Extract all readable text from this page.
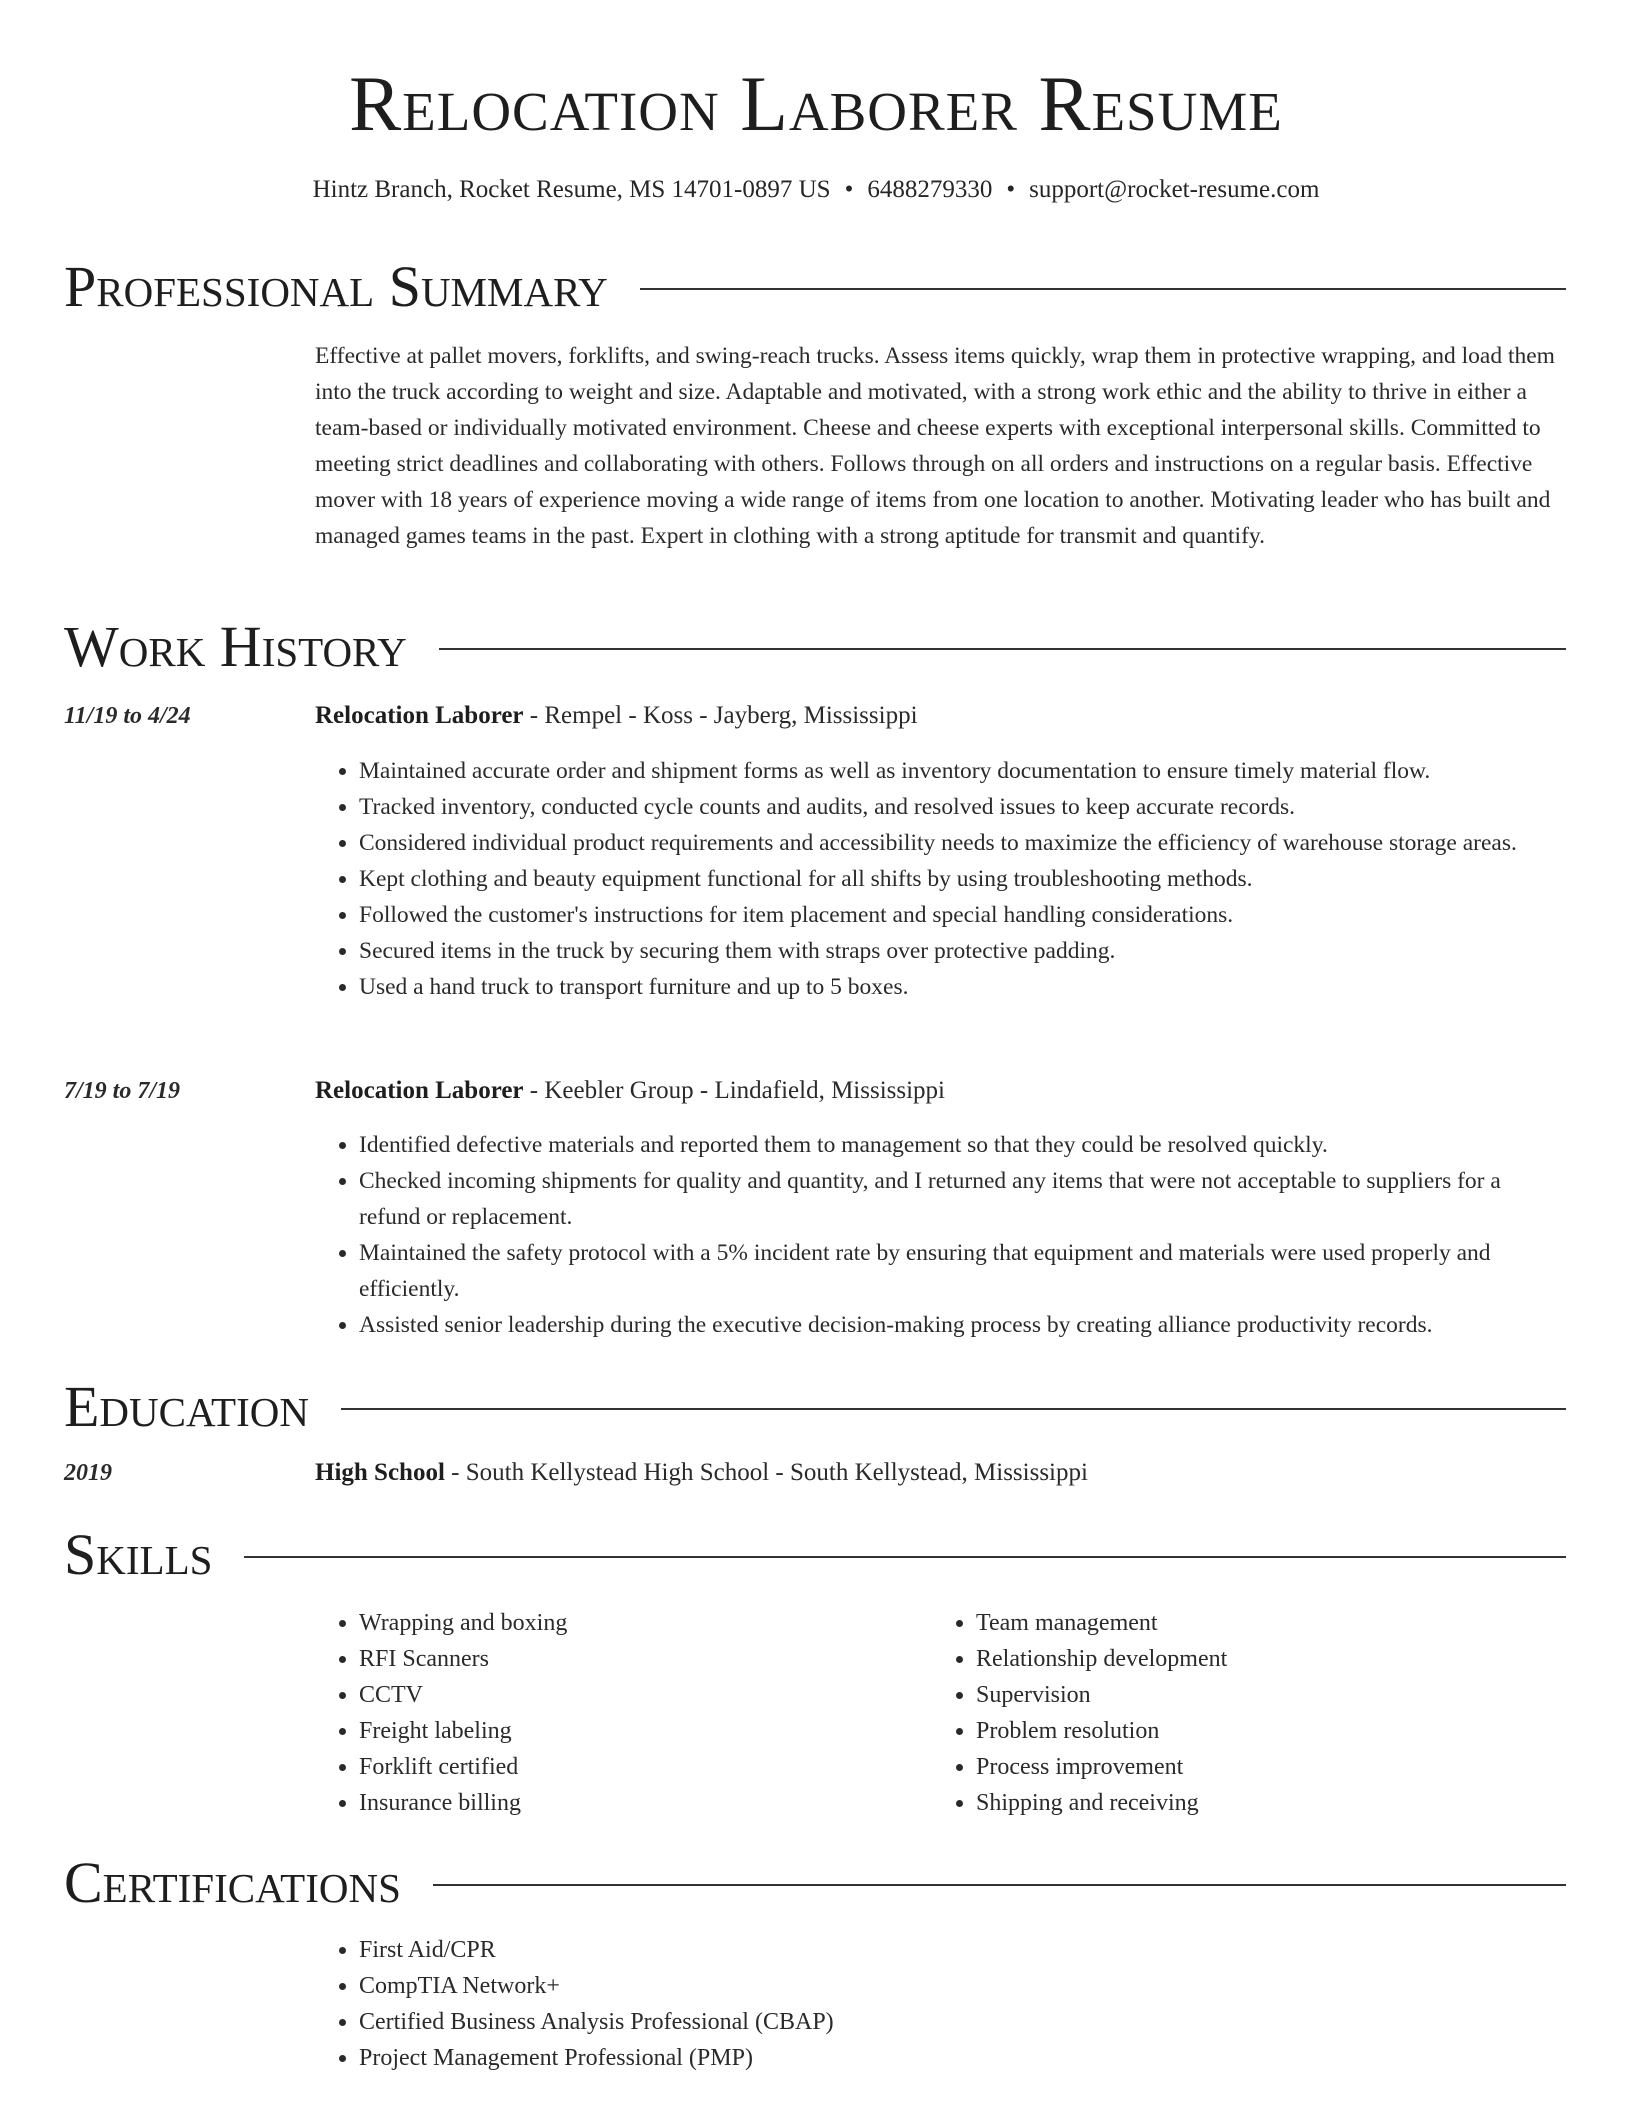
Relocation Laborer Resume
Hintz Branch, Rocket Resume, MS 14701-0897 US • 6488279330 • support@rocket-resume.com
Professional Summary

Effective at pallet movers, forklifts, and swing-reach trucks. Assess items quickly, wrap them in protective wrapping, and load them into the truck according to weight and size. Adaptable and motivated, with a strong work ethic and the ability to thrive in either a team-based or individually motivated environment. Cheese and cheese experts with exceptional interpersonal skills. Committed to meeting strict deadlines and collaborating with others. Follows through on all orders and instructions on a regular basis. Effective mover with 18 years of experience moving a wide range of items from one location to another. Motivating leader who has built and managed games teams in the past. Expert in clothing with a strong aptitude for transmit and quantify.

Work History
11/19 to 4/24	Relocation Laborer - Rempel - Koss - Jayberg, Mississippi
• Maintained accurate order and shipment forms as well as inventory documentation to ensure timely material flow.
• Tracked inventory, conducted cycle counts and audits, and resolved issues to keep accurate records.
• Considered individual product requirements and accessibility needs to maximize the efficiency of warehouse storage areas.
• Kept clothing and beauty equipment functional for all shifts by using troubleshooting methods.
• Followed the customer's instructions for item placement and special handling considerations.
• Secured items in the truck by securing them with straps over protective padding.
• Used a hand truck to transport furniture and up to 5 boxes.
7/19 to 7/19	Relocation Laborer - Keebler Group - Lindafield, Mississippi
• Identified defective materials and reported them to management so that they could be resolved quickly.
• Checked incoming shipments for quality and quantity, and I returned any items that were not acceptable to suppliers for a refund or replacement.
• Maintained the safety protocol with a 5% incident rate by ensuring that equipment and materials were used properly and efficiently.
• Assisted senior leadership during the executive decision-making process by creating alliance productivity records.
Education
2019	High School - South Kellystead High School - South Kellystead, Mississippi
Skills
• Wrapping and boxing
• RFI Scanners
• CCTV
• Freight labeling
• Forklift certified
• Insurance billing
• Team management
• Relationship development
• Supervision
• Problem resolution
• Process improvement
• Shipping and receiving
Certifications
• First Aid/CPR
• CompTIA Network+
• Certified Business Analysis Professional (CBAP)
• Project Management Professional (PMP)
